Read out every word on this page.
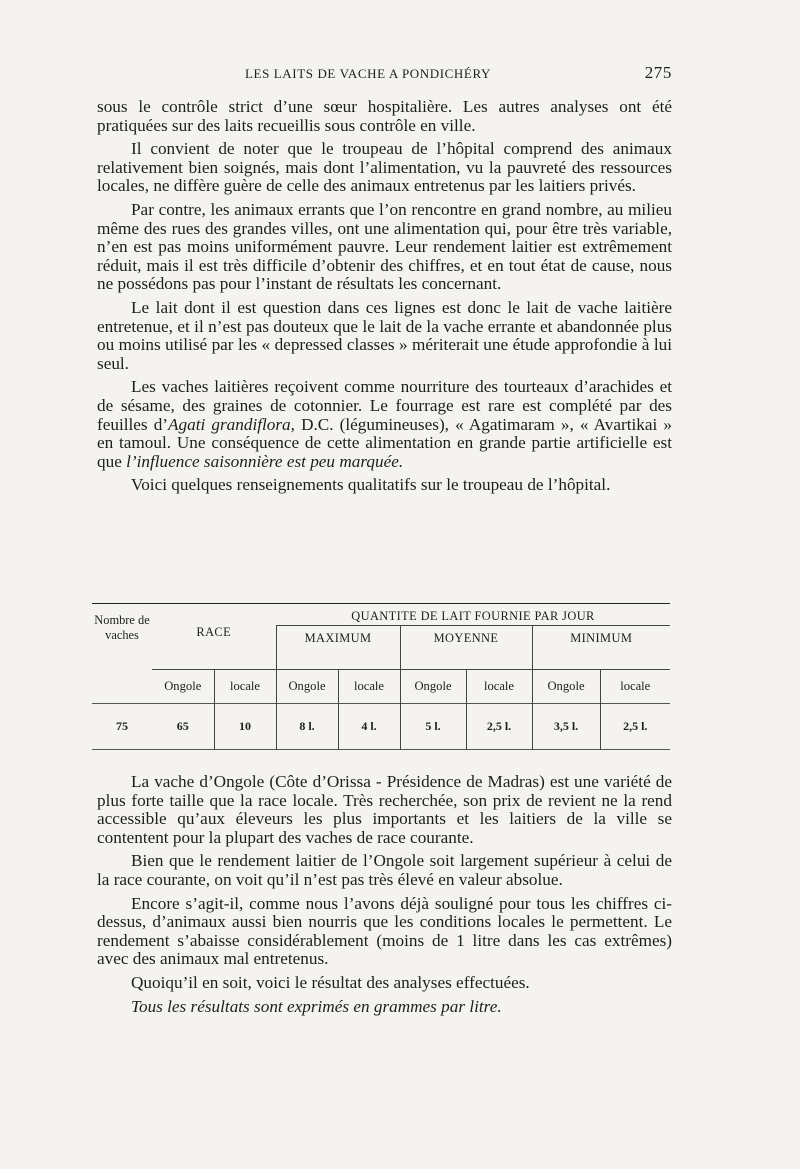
LES LAITS DE VACHE A PONDICHÉRY	275

sous le contrôle strict d’une sœur hospitalière. Les autres analyses ont été pratiquées sur des laits recueillis sous contrôle en ville.

Il convient de noter que le troupeau de l’hôpital comprend des animaux relativement bien soignés, mais dont l’alimentation, vu la pauvreté des ressources locales, ne diffère guère de celle des animaux entretenus par les laitiers privés.

Par contre, les animaux errants que l’on rencontre en grand nombre, au milieu même des rues des grandes villes, ont une alimentation qui, pour être très variable, n’en est pas moins uniformément pauvre. Leur rendement laitier est extrêmement réduit, mais il est très difficile d’obtenir des chiffres, et en tout état de cause, nous ne possédons pas pour l’instant de résultats les concernant.

Le lait dont il est question dans ces lignes est donc le lait de vache laitière entretenue, et il n’est pas douteux que le lait de la vache errante et abandonnée plus ou moins utilisé par les « depressed classes » mériterait une étude approfondie à lui seul.

Les vaches laitières reçoivent comme nourriture des tourteaux d’arachides et de sésame, des graines de cotonnier. Le fourrage est rare est complété par des feuilles d’Agati grandiflora, D.C. (légumineuses), « Agatimaram », « Avartikai » en tamoul. Une conséquence de cette alimentation en grande partie artificielle est que l’influence saisonnière est peu marquée.

Voici quelques renseignements qualitatifs sur le troupeau de l’hôpital.

Nombre de vaches	RACE		QUANTITE DE LAIT FOURNIE PAR JOUR					
			MAXIMUM		MOYENNE		MINIMUM	

	Ongole	locale	Ongole	locale	Ongole	locale	Ongole	locale
75	65	10	8 l.	4 l.	5 l.	2,5 l.	3,5 l.	2,5 l.

La vache d’Ongole (Côte d’Orissa - Présidence de Madras) est une variété de plus forte taille que la race locale. Très recherchée, son prix de revient ne la rend accessible qu’aux éleveurs les plus importants et les laitiers de la ville se contentent pour la plupart des vaches de race courante.

Bien que le rendement laitier de l’Ongole soit largement supérieur à celui de la race courante, on voit qu’il n’est pas très élevé en valeur absolue.

Encore s’agit-il, comme nous l’avons déjà souligné pour tous les chiffres ci-dessus, d’animaux aussi bien nourris que les conditions locales le permettent. Le rendement s’abaisse considérablement (moins de 1 litre dans les cas extrêmes) avec des animaux mal entretenus.

Quoiqu’il en soit, voici le résultat des analyses effectuées.

Tous les résultats sont exprimés en grammes par litre.
